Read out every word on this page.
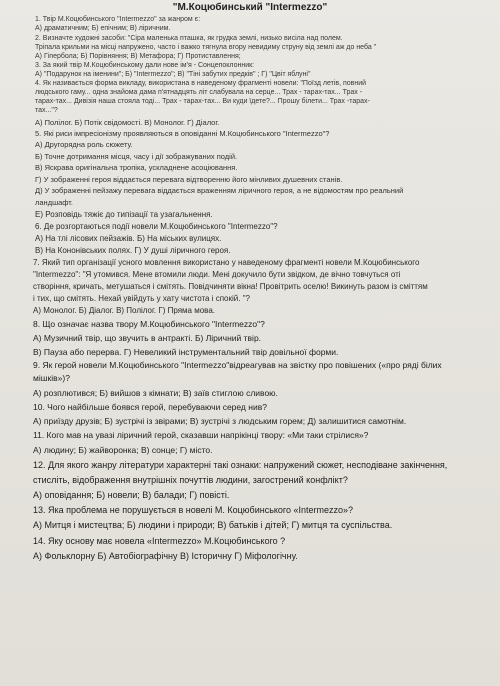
"М.Коцюбинський "Intermezzo"
1. Твір М.Коцюбинського "Intermezzo" за жанром є:
А) драматичним; Б) епічним; В) ліричним.
2. Визначте художні засоби: "Сіра маленька пташка, як грудка землі, низько висіла над полем.
Тріпала крильми на місці напружено, часто і важко тягнула вгору невидиму струну від землі аж до неба "
А) Гіпербола; Б) Порівняння; В) Метафора; Г) Протиставлення;
3. За який твір М.Коцюбинському дали нове ім'я - Сонцепоклонник:
А) "Подарунок на іменини"; Б) "Intermezzo"; В) "Тіні забутих предків" ; Г) "Цвіт яблуні"
4. Як називається форма викладу, використана в наведеному фрагменті новели: "Поїзд летів, повний
людського гаму... одна знайома дама п'ятнадцять літ слабувала на серце... Трах - тарах-тах... Трах -
тарах-тах... Дивізія наша стояла тоді... Трах - тарах-тах... Ви куди їдете?... Прошу білети... Трах -тарах-
тах..."?
А) Полілог. Б) Потік свідомості. В) Монолог. Г) Діалог.
5. Які риси імпресіонізму проявляються в оповіданні М.Коцюбинського "Intermezzo"?
А) Другорядна роль сюжету.
Б) Точне дотримання місця, часу і дії зображуваних подій.
В) Яскрава оригінальна тропіка, ускладнене асоціювання.
Г) У зображенні героя віддається перевага відтворенню його мінливих душевних станів.
Д) У зображенні пейзажу перевага віддається враженням ліричного героя, а не відомостям про реальний
ландшафт.
Е) Розповідь тяжіє до типізації та узагальнення.
6. Де розгортаються події новели М.Коцюбинського "Intermezzo"?
А) На тлі лісових пейзажів. Б) На міських вулицях.
В) На Кононівських полях. Г) У душі ліричного героя.
7. Який тип організації усного мовлення використано у наведеному фрагменті новели М.Коцюбинського
"Intermezzo": "Я утомився. Мене втомили люди. Мені докучило бути звідком, де вічно товчуться оті
створіння, кричать, метушаться і смітять. Повідчиняти вікна! Провітрить оселю! Викинуть разом із сміттям
і тих, що смітять. Нехай увійдуть у хату чистота і спокій. "?
А) Монолог. Б) Діалог. В) Полілог. Г) Пряма мова.
8. Що означає назва твору М.Коцюбинського "Intermezzo"?
А) Музичний твір, що звучить в антракті. Б) Ліричний твір.
В) Пауза або перерва. Г) Невеликий інструментальний твір довільної форми.
9. Як герой новели М.Коцюбинського "Intermezzo"відреагував на звістку про повішених («про рядi білих
мішків»)?
А) розплютився; Б) вийшов з кімнати; В) заїв стиглою сливою.
10. Чого найбільше боявся герой, перебуваючи серед нив?
А) приїзду друзів; Б) зустрічі із звірами; В) зустрічі з людським горем; Д) залишитися самотнім.
11. Кого мав на увазі ліричний герой, сказавши напрікінці твору: «Ми таки стрілися»?
А) людину; Б) жайворонка; В) сонце; Г) місто.
12. Для якого жанру літератури характерні такі ознаки: напружений сюжет, несподіване закінчення,
стисліть, відображення внутрішніх почуттів людини, загострений конфлікт?
А) оповідання; Б) новели; В) балади; Г) повісті.
13. Яка проблема не порушується в новелі М. Коцюбинського «Intermezzo»?
А) Митця і мистецтва; Б) людини і природи; В) батьків і дітей; Г) митця та суспільства.
14. Яку основу має новела «Intermezzo» М.Коцюбинського ?
А) Фольклорну Б) Автобіографічну В) Історичну Г) Міфологічну.
